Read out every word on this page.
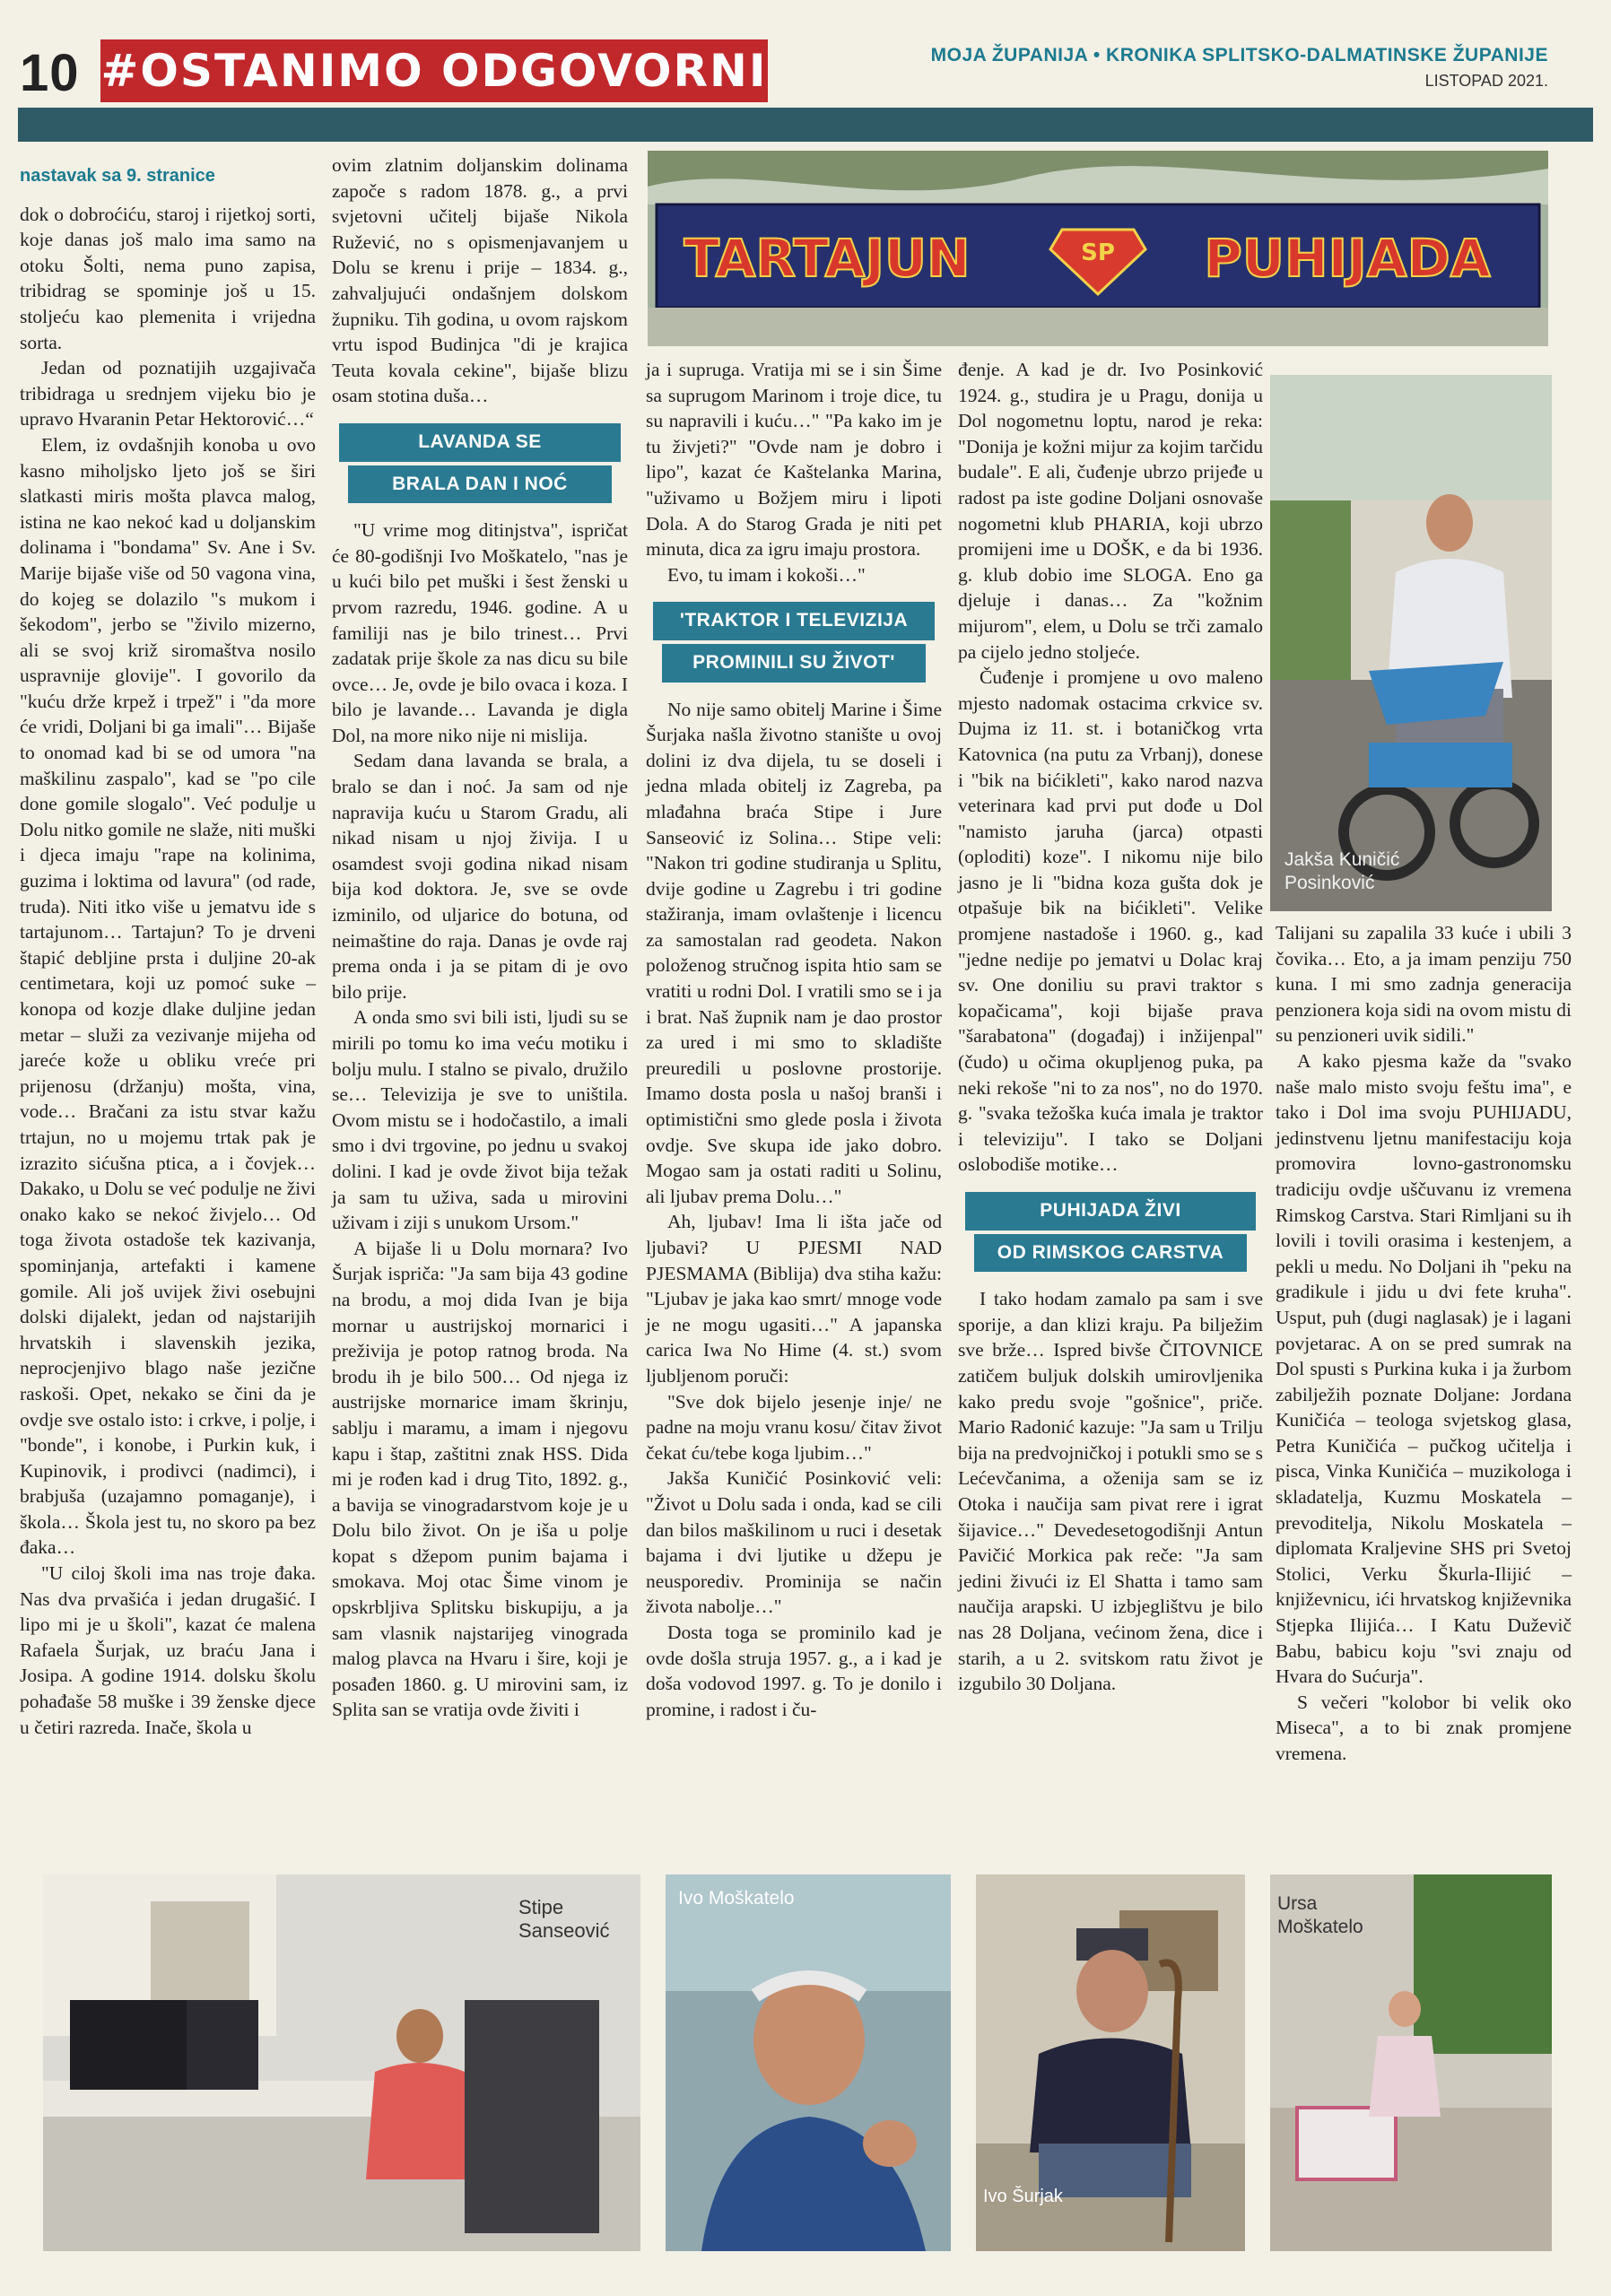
10 #OSTANIMO ODGOVORNI	MOJA ŽUPANIJA • KRONIKA SPLITSKO-DALMATINSKE ŽUPANIJE
LISTOPAD 2021.
nastavak sa 9. stranice

dok o dobroćiću, staroj i rijetkoj sorti, koje danas još malo ima samo na otoku Šolti, nema puno zapisa, tribidrag se spominje još u 15. stoljeću kao plemenita i vrijedna sorta.

Jedan od poznatijih uzgajivača tribidraga u srednjem vijeku bio je upravo Hvaranin Petar Hektorović…“

Elem, iz ovdašnjih konoba u ovo kasno miholjsko ljeto još se širi slatkasti miris mošta plavca malog, istina ne kao nekoć kad u doljanskim dolinama i "bondama" Sv. Ane i Sv. Marije bijaše više od 50 vagona vina, do kojeg se dolazilo "s mukom i šekodom", jerbo se "živilo mizerno, ali se svoj križ siromaštva nosilo uspravnije glovije". I govorilo da "kuću drže krpež i trpež" i "da more će vridi, Doljani bi ga imali"… Bijaše to onomad kad bi se od umora "na maškilinu zaspalo", kad se "po cile done gomile slogalo". Već podulje u Dolu nitko gomile ne slaže, niti muški i djeca imaju "rape na kolinima, guzima i loktima od lavura" (od rade, truda). Niti itko više u jematvu ide s tartajunom… Tartajun? To je drveni štapić debljine prsta i duljine 20-ak centimetara, koji uz pomoć suke – konopa od kozje dlake duljine jedan metar – služi za vezivanje mijeha od jareće kože u obliku vreće pri prijenosu (držanju) mošta, vina, vode… Bračani za istu stvar kažu trtajun, no u mojemu trtak pak je izrazito sićušna ptica, a i čovjek… Dakako, u Dolu se već podulje ne živi onako kako se nekoć živjelo… Od toga života ostadoše tek kazivanja, spominjanja, artefakti i kamene gomile. Ali još uvijek živi osebujni dolski dijalekt, jedan od najstarijih hrvatskih i slavenskih jezika, neprocjenjivo blago naše jezične raskoši. Opet, nekako se čini da je ovdje sve ostalo isto: i crkve, i polje, i "bonde", i konobe, i Purkin kuk, i Kupinovik, i prodivci (nadimci), i brabjuša (uzajamno pomaganje), i škola… Škola jest tu, no skoro pa bez đaka…

"U ciloj školi ima nas troje đaka. Nas dva prvašića i jedan drugašić. I lipo mi je u školi", kazat će malena Rafaela Šurjak, uz braću Jana i Josipa. A godine 1914. dolsku školu pohađaše 58 muške i 39 ženske djece u četiri razreda. Inače, škola u

ovim zlatnim doljanskim dolinama započe s radom 1878. g., a prvi svjetovni učitelj bijaše Nikola Ružević, no s opismenjavanjem u Dolu se krenu i prije – 1834. g., zahvaljujući ondašnjem dolskom župniku. Tih godina, u ovom rajskom vrtu ispod Budinjca "di je krajica Teuta kovala cekine", bijaše blizu osam stotina duša…

LAVANDA SE
BRALA DAN I NOĆ

"U vrime mog ditinjstva", ispričat će 80-godišnji Ivo Moškatelo, "nas je u kući bilo pet muški i šest ženski u prvom razredu, 1946. godine. A u familiji nas je bilo trinest… Prvi zadatak prije škole za nas dicu su bile ovce… Je, ovde je bilo ovaca i koza. I bilo je lavande… Lavanda je digla Dol, na more niko nije ni mislija.

Sedam dana lavanda se brala, a bralo se dan i noć. Ja sam od nje napravija kuću u Starom Gradu, ali nikad nisam u njoj živija. I u osamdest svoji godina nikad nisam bija kod doktora. Je, sve se ovde izminilo, od uljarice do botuna, od neimaštine do raja. Danas je ovde raj prema onda i ja se pitam di je ovo bilo prije.

A onda smo svi bili isti, ljudi su se mirili po tomu ko ima veću motiku i bolju mulu. I stalno se pivalo, družilo se… Televizija je sve to uništila. Ovom mistu se i hodočastilo, a imali smo i dvi trgovine, po jednu u svakoj dolini. I kad je ovde život bija težak ja sam tu uživa, sada u mirovini uživam i ziji s unukom Ursom."

A bijaše li u Dolu mornara? Ivo Šurjak ispriča: "Ja sam bija 43 godine na brodu, a moj dida Ivan je bija mornar u austrijskoj mornarici i preživija je potop ratnog broda. Na brodu ih je bilo 500… Od njega iz austrijske mornarice imam škrinju, sablju i maramu, a imam i njegovu kapu i štap, zaštitni znak HSS. Dida mi je rođen kad i drug Tito, 1892. g., a bavija se vinogradarstvom koje je u Dolu bilo život. On je iša u polje kopat s džepom punim bajama i smokava. Moj otac Šime vinom je opskrbljiva Splitsku biskupiju, a ja sam vlasnik najstarijeg vinograda malog plavca na Hvaru i šire, koji je posađen 1860. g. U mirovini sam, iz Splita san se vratija ovde živiti i

ja i supruga. Vratija mi se i sin Šime sa suprugom Marinom i troje dice, tu su napravili i kuću…" "Pa kako im je tu živjeti?" "Ovde nam je dobro i lipo", kazat će Kaštelanka Marina, "uživamo u Božjem miru i lipoti Dola. A do Starog Grada je niti pet minuta, dica za igru imaju prostora.

Evo, tu imam i kokoši…"

'TRAKTOR I TELEVIZIJA
PROMINILI SU ŽIVOT'

No nije samo obitelj Marine i Šime Šurjaka našla životno stanište u ovoj dolini iz dva dijela, tu se doseli i jedna mlada obitelj iz Zagreba, pa mlađahna braća Stipe i Jure Sanseović iz Solina… Stipe veli: "Nakon tri godine studiranja u Splitu, dvije godine u Zagrebu i tri godine stažiranja, imam ovlaštenje i licencu za samostalan rad geodeta. Nakon položenog stručnog ispita htio sam se vratiti u rodni Dol. I vratili smo se i ja i brat. Naš župnik nam je dao prostor za ured i mi smo to skladište preuredili u poslovne prostorije. Imamo dosta posla u našoj branši i optimistični smo glede posla i života ovdje. Sve skupa ide jako dobro. Mogao sam ja ostati raditi u Solinu, ali ljubav prema Dolu…"

Ah, ljubav! Ima li išta jače od ljubavi? U PJESMI NAD PJESMAMA (Biblija) dva stiha kažu: "Ljubav je jaka kao smrt/ mnoge vode je ne mogu ugasiti…" A japanska carica Iwa No Hime (4. st.) svom ljubljenom poruči:

"Sve dok bijelo jesenje inje/ ne padne na moju vranu kosu/ čitav život čekat ću/tebe koga ljubim…"

Jakša Kuničić Posinković veli: "Život u Dolu sada i onda, kad se cili dan bilos maškilinom u ruci i desetak bajama i dvi ljutike u džepu je neusporediv. Prominija se način života nabolje…"

Dosta toga se prominilo kad je ovde došla struja 1957. g., a i kad je doša vodovod 1997. g. To je donilo i promine, i radost i ču-

đenje. A kad je dr. Ivo Posinković 1924. g., studira je u Pragu, donija u Dol nogometnu loptu, narod je reka: "Donija je kožni mijur za kojim tarčidu budale". E ali, čuđenje ubrzo prijeđe u radost pa iste godine Doljani osnovaše nogometni klub PHARIA, koji ubrzo promijeni ime u DOŠK, e da bi 1936. g. klub dobio ime SLOGA. Eno ga djeluje i danas… Za "kožnim mijurom", elem, u Dolu se trči zamalo pa cijelo jedno stoljeće.

Čuđenje i promjene u ovo maleno mjesto nadomak ostacima crkvice sv. Dujma iz 11. st. i botaničkog vrta Katovnica (na putu za Vrbanj), donese i "bik na bićikleti", kako narod nazva veterinara kad prvi put dođe u Dol "namisto jaruha (jarca) otpasti (oploditi) koze". I nikomu nije bilo jasno je li "bidna koza gušta dok je otpašuje bik na bićikleti". Velike promjene nastadoše i 1960. g., kad "jedne nedije po jematvi u Dolac kraj sv. One doniliu su pravi traktor s kopačicama", koji bijaše prava "šarabatona" (događaj) i inžijenpal" (čudo) u očima okupljenog puka, pa neki rekoše "ni to za nos", no do 1970. g. "svaka težoška kuća imala je traktor i televiziju". I tako se Doljani oslobodiše motike…

PUHIJADA ŽIVI
OD RIMSKOG CARSTVA

I tako hodam zamalo pa sam i sve sporije, a dan klizi kraju. Pa bilježim sve brže… Ispred bivše ČITOVNICE zatičem buljuk dolskih umirovljenika kako predu svoje "gošnice", priče. Mario Radonić kazuje: "Ja sam u Trilju bija na predvojničkoj i potukli smo se s Lećevčanima, a oženija sam se iz Otoka i naučija sam pivat rere i igrat šijavice…" Devedesetogodišnji Antun Pavičić Morkica pak reče: "Ja sam jedini živući iz El Shatta i tamo sam naučija arapski. U izbjeglištvu je bilo nas 28 Doljana, većinom žena, dice i starih, a u 2. svitskom ratu život je izgubilo 30 Doljana.

Talijani su zapalila 33 kuće i ubili 3 čovika… Eto, a ja imam penziju 750 kuna. I mi smo zadnja generacija penzionera koja sidi na ovom mistu di su penzioneri uvik sidili."

A kako pjesma kaže da "svako naše malo misto svoju feštu ima", e tako i Dol ima svoju PUHIJADU, jedinstvenu ljetnu manifestaciju koja promovira lovno-gastronomsku tradiciju ovdje uščuvanu iz vremena Rimskog Carstva. Stari Rimljani su ih lovili i tovili orasima i kestenjem, a pekli u medu. No Doljani ih "peku na gradikule i jidu u dvi fete kruha". Usput, puh (dugi naglasak) je i lagani povjetarac. A on se pred sumrak na Dol spusti s Purkina kuka i ja žurbom zabilježih poznate Doljane: Jordana Kuničića – teologa svjetskog glasa, Petra Kuničića – pučkog učitelja i pisca, Vinka Kuničića – muzikologa i skladatelja, Kuzmu Moskatela – prevoditelja, Nikolu Moskatela – diplomata Kraljevine SHS pri Svetoj Stolici, Verku Škurla-Ilijić – književnicu, ići hrvatskog književnika Stjepka Ilijića… I Katu Duževič Babu, babicu koju "svi znaju od Hvara do Sućurja".

S večeri "kolobor bi velik oko Miseca", a to bi znak promjene vremena.

TARTAJUN	SP PUHIJADA
Jakša Kuničić Posinković
Stipe Sanseović
Ivo Moškatelo
Ivo Šurjak
Ursa Moškatelo
